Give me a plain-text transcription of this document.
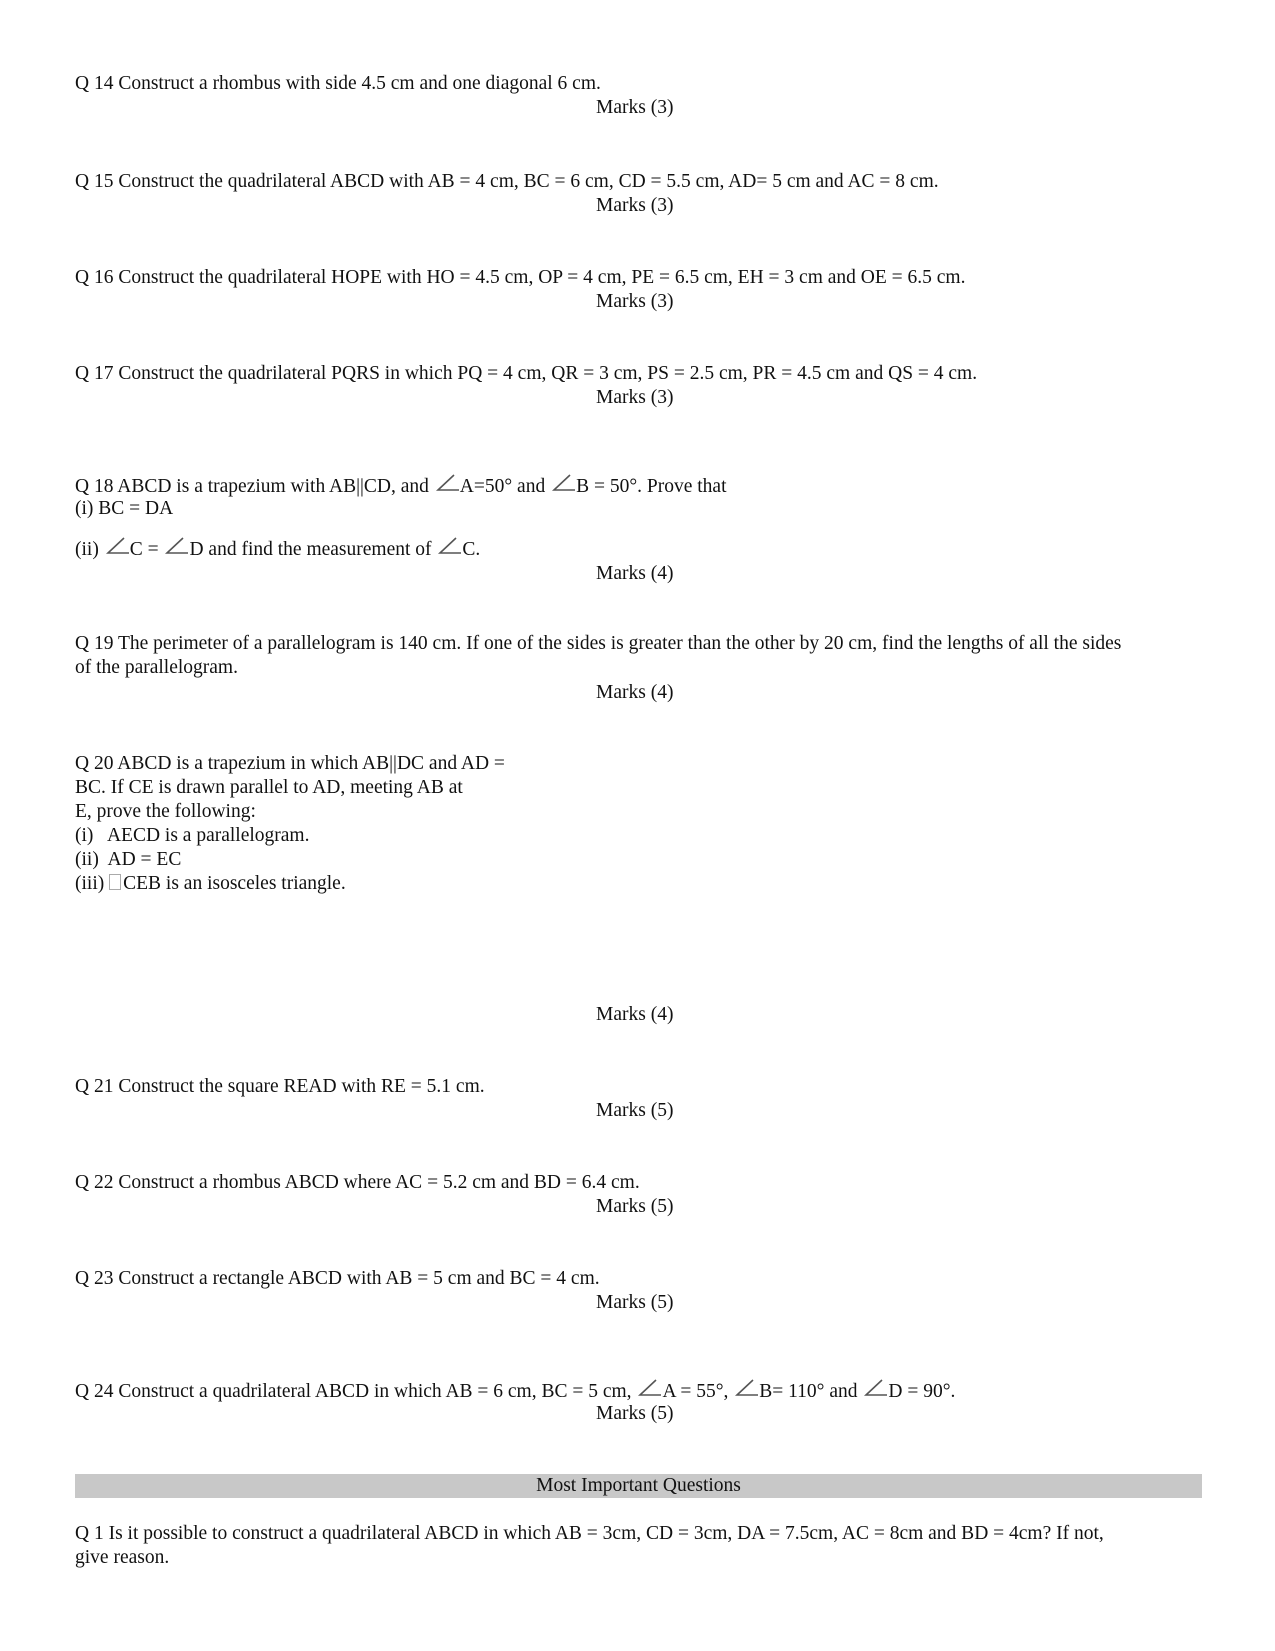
Q 14 Construct a rhombus with side 4.5 cm and one diagonal 6 cm.
Marks (3)
Q 15 Construct the quadrilateral ABCD with AB = 4 cm, BC = 6 cm, CD = 5.5 cm, AD= 5 cm and AC = 8 cm.
Marks (3)
Q 16 Construct the quadrilateral HOPE with HO = 4.5 cm, OP = 4 cm, PE = 6.5 cm, EH = 3 cm and OE = 6.5 cm.
Marks (3)
Q 17 Construct the quadrilateral PQRS in which PQ = 4 cm, QR = 3 cm, PS = 2.5 cm, PR = 4.5 cm and QS = 4 cm.
Marks (3)
Q 18 ABCD is a trapezium with AB||CD, and A=50° and B = 50°. Prove that
(i) BC = DA
(ii) C = D and find the measurement of C.
Marks (4)
Q 19 The perimeter of a parallelogram is 140 cm. If one of the sides is greater than the other by 20 cm, find the lengths of all the sides
of the parallelogram.
Marks (4)
Q 20 ABCD is a trapezium in which AB||DC and AD =
BC. If CE is drawn parallel to AD, meeting AB at
E, prove the following:
(i)   AECD is a parallelogram.
(ii)  AD = EC
(iii) CEB is an isosceles triangle.
Marks (4)
Q 21 Construct the square READ with RE = 5.1 cm.
Marks (5)
Q 22 Construct a rhombus ABCD where AC = 5.2 cm and BD = 6.4 cm.
Marks (5)
Q 23 Construct a rectangle ABCD with AB = 5 cm and BC = 4 cm.
Marks (5)
Q 24 Construct a quadrilateral ABCD in which AB = 6 cm, BC = 5 cm, A = 55°, B= 110° and D = 90°.
Marks (5)
Most Important Questions
Q 1 Is it possible to construct a quadrilateral ABCD in which AB = 3cm, CD = 3cm, DA = 7.5cm, AC = 8cm and BD = 4cm? If not,
give reason.
